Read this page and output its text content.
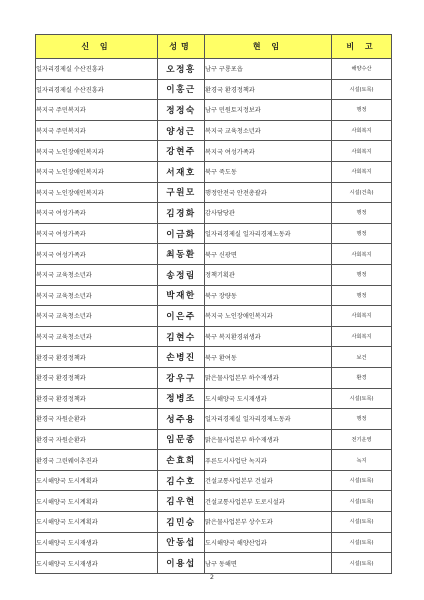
신 임	성명	현 임	비 고
일자리경제실 수산진흥과	오정흥	남구 구룡포읍	해양수산
일자리경제실 수산진흥과	이홍근	환경국 환경정책과	시설(토목)
복지국 주민복지과	정정숙	남구 민원토지정보과	행정
복지국 주민복지과	양성근	복지국 교육청소년과	사회복지
복지국 노인장애인복지과	강현주	복지국 여성가족과	사회복지
복지국 노인장애인복지과	서재호	북구 죽도동	사회복지
복지국 노인장애인복지과	구원모	행정안전국 안전총괄과	시설(건축)
복지국 여성가족과	김경화	감사담당관	행정
복지국 여성가족과	이금화	일자리경제실 일자리경제노동과	행정
복지국 여성가족과	최동환	북구 신광면	사회복지
복지국 교육청소년과	송정림	정책기획관	행정
복지국 교육청소년과	박재한	북구 장량동	행정
복지국 교육청소년과	이은주	복지국 노인장애인복지과	사회복지
복지국 교육청소년과	김현수	북구 복지환경위생과	사회복지
환경국 환경정책과	손병진	북구 환여동	보건
환경국 환경정책과	강우구	맑은물사업본부 하수재생과	환경
환경국 환경정책과	정병조	도시해양국 도시재생과	시설(토목)
환경국 자원순환과	성주용	일자리경제실 일자리경제노동과	행정
환경국 자원순환과	임문종	맑은물사업본부 하수재생과	전기운영
환경국 그린웨이추진과	손효희	푸른도시사업단 녹지과	녹지
도시해양국 도시계획과	김수호	건설교통사업본부 건설과	시설(토목)
도시해양국 도시계획과	김우현	건설교통사업본부 도로시설과	시설(토목)
도시해양국 도시계획과	김민승	맑은물사업본부 상수도과	시설(토목)
도시해양국 도시재생과	안동섭	도시해양국 해양산업과	시설(토목)
도시해양국 도시재생과	이용섭	남구 동해면	시설(토목)
2
